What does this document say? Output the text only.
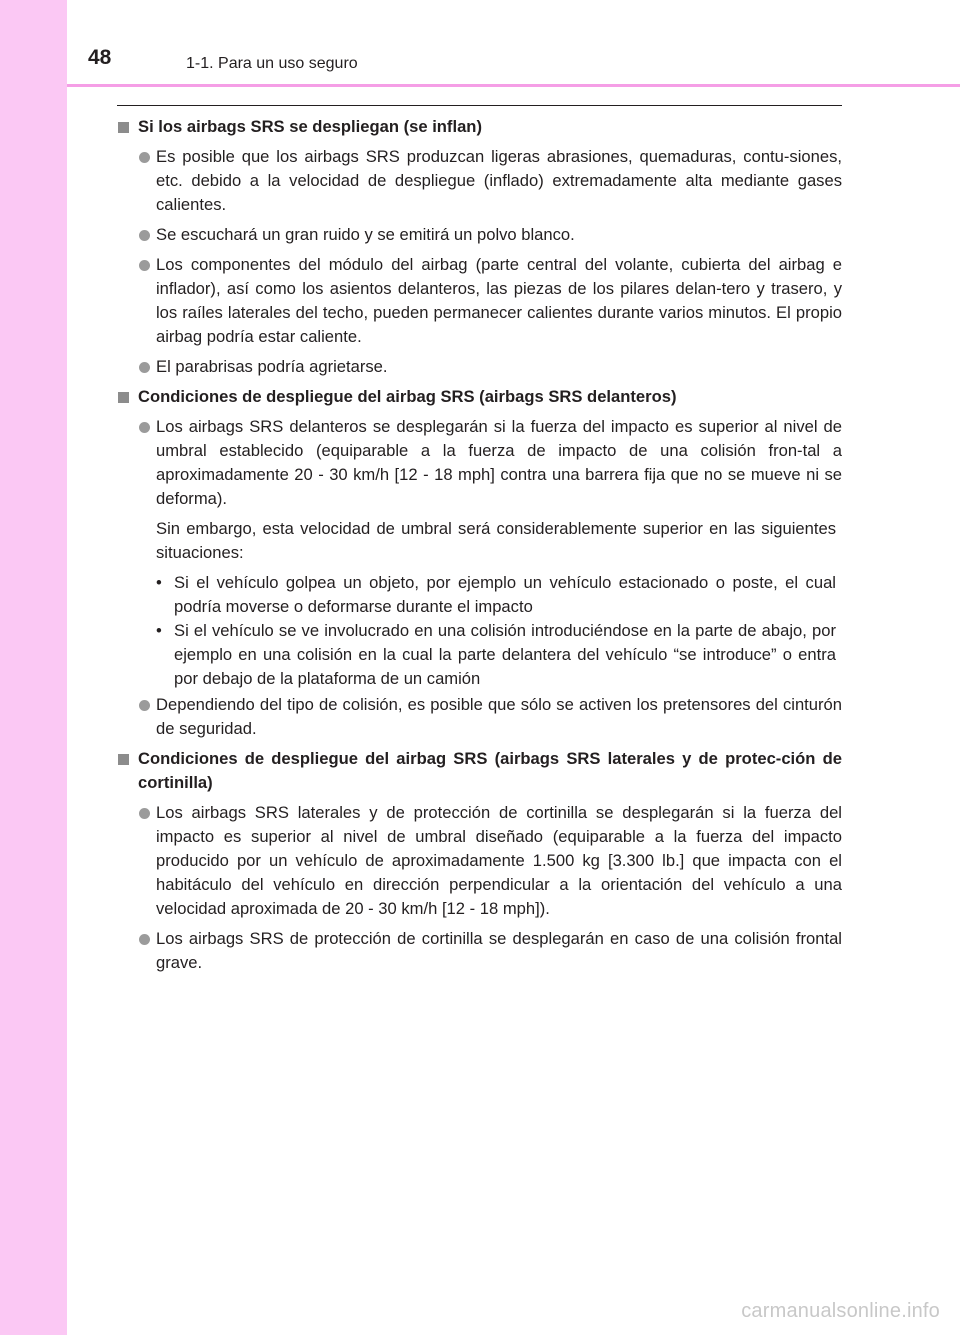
48	1-1. Para un uso seguro
Si los airbags SRS se despliegan (se inflan)
Es posible que los airbags SRS produzcan ligeras abrasiones, quemaduras, contu-siones, etc. debido a la velocidad de despliegue (inflado) extremadamente alta mediante gases calientes.
Se escuchará un gran ruido y se emitirá un polvo blanco.
Los componentes del módulo del airbag (parte central del volante, cubierta del airbag e inflador), así como los asientos delanteros, las piezas de los pilares delan-tero y trasero, y los raíles laterales del techo, pueden permanecer calientes durante varios minutos. El propio airbag podría estar caliente.
El parabrisas podría agrietarse.
Condiciones de despliegue del airbag SRS (airbags SRS delanteros)
Los airbags SRS delanteros se desplegarán si la fuerza del impacto es superior al nivel de umbral establecido (equiparable a la fuerza de impacto de una colisión fron-tal a aproximadamente 20 - 30 km/h [12 - 18 mph] contra una barrera fija que no se mueve ni se deforma).
Sin embargo, esta velocidad de umbral será considerablemente superior en las siguientes situaciones:
• Si el vehículo golpea un objeto, por ejemplo un vehículo estacionado o poste, el cual podría moverse o deformarse durante el impacto
• Si el vehículo se ve involucrado en una colisión introduciéndose en la parte de abajo, por ejemplo en una colisión en la cual la parte delantera del vehículo “se introduce” o entra por debajo de la plataforma de un camión
Dependiendo del tipo de colisión, es posible que sólo se activen los pretensores del cinturón de seguridad.
Condiciones de despliegue del airbag SRS (airbags SRS laterales y de protec-ción de cortinilla)
Los airbags SRS laterales y de protección de cortinilla se desplegarán si la fuerza del impacto es superior al nivel de umbral diseñado (equiparable a la fuerza del impacto producido por un vehículo de aproximadamente 1.500 kg [3.300 lb.] que impacta con el habitáculo del vehículo en dirección perpendicular a la orientación del vehículo a una velocidad aproximada de 20 - 30 km/h [12 - 18 mph]).
Los airbags SRS de protección de cortinilla se desplegarán en caso de una colisión frontal grave.
carmanualsonline.info
